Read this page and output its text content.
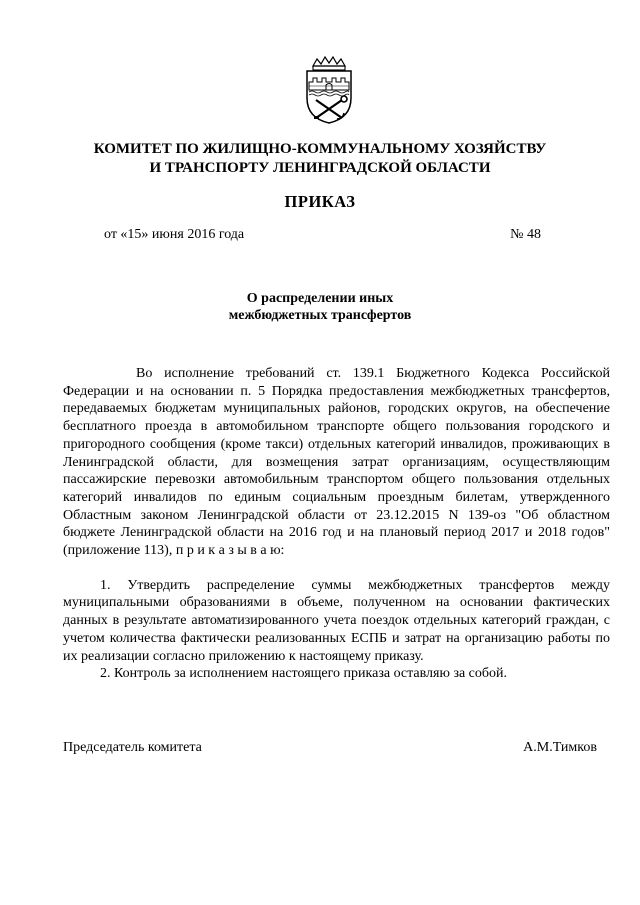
КОМИТЕТ ПО ЖИЛИЩНО-КОММУНАЛЬНОМУ ХОЗЯЙСТВУ
И ТРАНСПОРТУ ЛЕНИНГРАДСКОЙ ОБЛАСТИ
ПРИКАЗ
от «15» июня 2016 года	№ 48
О распределении иных
межбюджетных трансфертов

Во исполнение требований ст. 139.1 Бюджетного Кодекса Российской Федерации и на основании п. 5 Порядка предоставления межбюджетных трансфертов, передаваемых бюджетам муниципальных районов, городских округов, на обеспечение бесплатного проезда в автомобильном транспорте общего пользования городского и пригородного сообщения (кроме такси) отдельных категорий инвалидов, проживающих в Ленинградской области, для возмещения затрат организациям, осуществляющим пассажирские перевозки автомобильным транспортом общего пользования отдельных категорий инвалидов по единым социальным проездным билетам, утвержденного Областным законом Ленинградской области от 23.12.2015 N 139-оз "Об областном бюджете Ленинградской области на 2016 год и на плановый период 2017 и 2018 годов" (приложение 113), п р и к а з ы в а ю:

1. Утвердить распределение суммы межбюджетных трансфертов между муниципальными образованиями в объеме, полученном на основании фактических данных в результате автоматизированного учета поездок отдельных категорий граждан, с учетом количества фактически реализованных ЕСПБ и затрат на организацию работы по их реализации согласно приложению к настоящему приказу.

2. Контроль за исполнением настоящего приказа оставляю за собой.

Председатель комитета	А.М.Тимков
